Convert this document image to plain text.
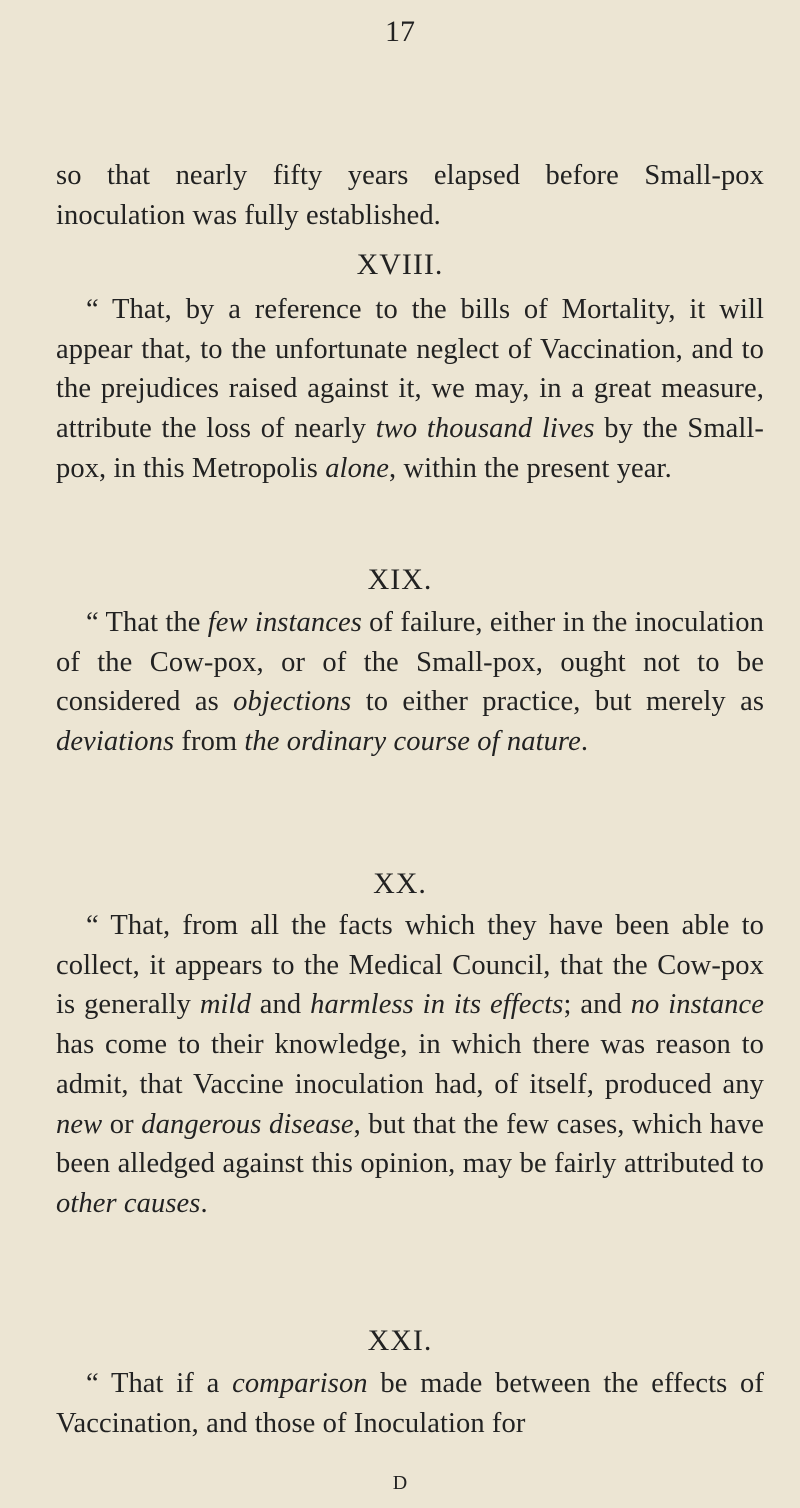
17

so that nearly fifty years elapsed before Small-pox inoculation was fully established.

XVIII.

“ That, by a reference to the bills of Mortality, it will appear that, to the unfortunate neglect of Vaccination, and to the prejudices raised against it, we may, in a great measure, attribute the loss of nearly two thousand lives by the Small-pox, in this Metropolis alone, within the present year.

XIX.

“ That the few instances of failure, either in the inoculation of the Cow-pox, or of the Small-pox, ought not to be considered as objections to either practice, but merely as deviations from the ordinary course of nature.

XX.

“ That, from all the facts which they have been able to collect, it appears to the Medical Council, that the Cow-pox is generally mild and harmless in its effects; and no instance has come to their knowledge, in which there was reason to admit, that Vaccine inoculation had, of itself, produced any new or dangerous disease, but that the few cases, which have been alledged against this opinion, may be fairly attributed to other causes.

XXI.

“ That if a comparison be made between the effects of Vaccination, and those of Inoculation for

D
